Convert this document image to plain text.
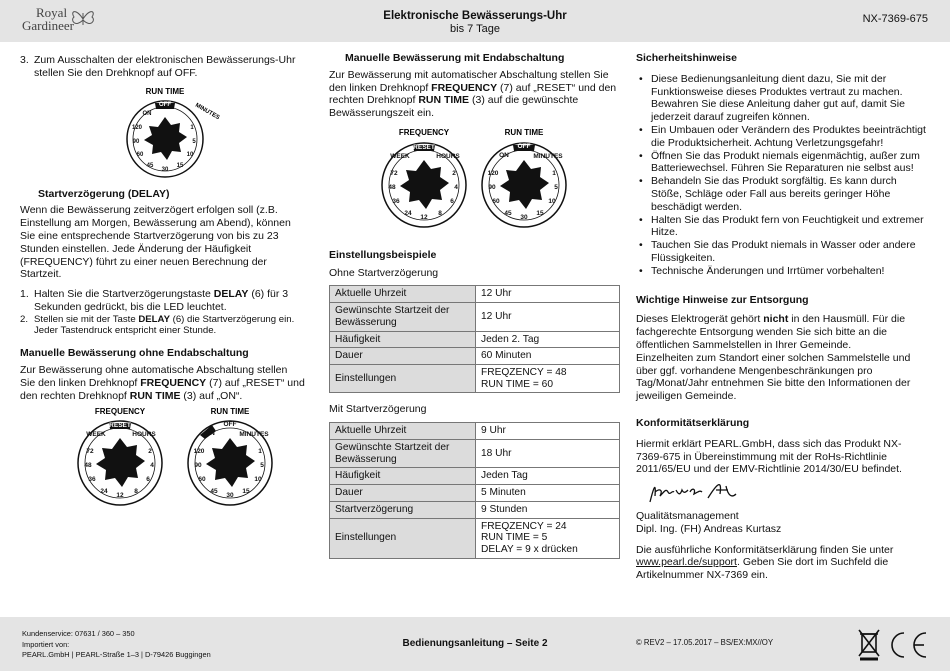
Royal
Gardineer
Elektronische Bewässerungs-Uhr
bis 7 Tage
NX-7369-675
3. Zum Ausschalten der elektronischen Bewässerungs-Uhr stellen Sie den Drehknopf auf OFF.
RUN TIME
ON
OFF
120
90
60
45
30
15
10
5
1
MINUTES
Startverzögerung (DELAY)

Wenn die Bewässerung zeitverzögert erfolgen soll (z.B. Einstellung am Morgen, Bewässerung am Abend), können Sie eine entsprechende Startverzögerung von bis zu 23 Stunden einstellen. Jede Änderung der Häufigkeit (FREQUENCY) führt zu einer neuen Berechnung der Startzeit.

1. Halten Sie die Startverzögerungstaste DELAY (6) für 3 Sekunden gedrückt, bis die LED leuchtet.
2. Stellen sie mit der Taste DELAY (6) die Startverzögerung ein. Jeder Tastendruck entspricht einer Stunde.
Manuelle Bewässerung ohne Endabschaltung

Zur Bewässerung ohne automatische Abschaltung stellen Sie den linken Drehknopf FREQUENCY (7) auf „RESET“ und den rechten Drehknopf RUN TIME (3) auf „ON“.

FREQUENCY	RUN TIME
RESET
WEEK	HOURS
72
48
36
24
12
8
6
4
2
ON
OFF
MINUTES
120
90
60
45
30
15
10
5
1
Manuelle Bewässerung mit Endabschaltung

Zur Bewässerung mit automatischer Abschaltung stellen Sie den linken Drehknopf FREQUENCY (7) auf „RESET“ und den rechten Drehknopf RUN TIME (3) auf die gewünschte Bewässerungszeit ein.

FREQUENCY	RUN TIME
RESET
WEEK	HOURS
72
48
36
24
12
8
6
4
2
ON
OFF
MINUTES
120
90
60
45
30
15
10
5
1
Einstellungsbeispiele

Ohne Startverzögerung

Aktuelle Uhrzeit	12 Uhr
Gewünschte Startzeit der Bewässerung	12 Uhr
Häufigkeit	Jeden 2. Tag
Dauer	60 Minuten
Einstellungen	FREQZENCY = 48
RUN TIME = 60

Mit Startverzögerung

Aktuelle Uhrzeit	9 Uhr
Gewünschte Startzeit der Bewässerung	18 Uhr
Häufigkeit	Jeden Tag
Dauer	5 Minuten
Startverzögerung	9 Stunden
Einstellungen	FREQZENCY = 24
RUN TIME = 5
DELAY = 9 x drücken
Sicherheitshinweise
• Diese Bedienungsanleitung dient dazu, Sie mit der Funktionsweise dieses Produktes vertraut zu machen. Bewahren Sie diese Anleitung daher gut auf, damit Sie jederzeit darauf zugreifen können.
• Ein Umbauen oder Verändern des Produktes beeinträchtigt die Produktsicherheit. Achtung Verletzungsgefahr!
• Öffnen Sie das Produkt niemals eigenmächtig, außer zum Batteriewechsel. Führen Sie Reparaturen nie selbst aus!
• Behandeln Sie das Produkt sorgfältig. Es kann durch Stöße, Schläge oder Fall aus bereits geringer Höhe beschädigt werden.
• Halten Sie das Produkt fern von Feuchtigkeit und extremer Hitze.
• Tauchen Sie das Produkt niemals in Wasser oder andere Flüssigkeiten.
• Technische Änderungen und Irrtümer vorbehalten!
Wichtige Hinweise zur Entsorgung

Dieses Elektrogerät gehört nicht in den Hausmüll. Für die fachgerechte Entsorgung wenden Sie sich bitte an die öffentlichen Sammelstellen in Ihrer Gemeinde.

Einzelheiten zum Standort einer solchen Sammelstelle und über ggf. vorhandene Mengenbeschränkungen pro Tag/Monat/Jahr entnehmen Sie bitte den Informationen der jeweiligen Gemeinde.

Konformitätserklärung

Hiermit erklärt PEARL.GmbH, dass sich das Produkt NX-7369-675 in Übereinstimmung mit der RoHs-Richtlinie 2011/65/EU und der EMV-Richtlinie 2014/30/EU befindet.

Qualitätsmanagement

Dipl. Ing. (FH) Andreas Kurtasz

Die ausführliche Konformitätserklärung finden Sie unter www.pearl.de/support. Geben Sie dort im Suchfeld die Artikelnummer NX-7369 ein.

Kundenservice: 07631 / 360 – 350
Importiert von:
PEARL.GmbH | PEARL-Straße 1–3 | D-79426 Buggingen
Bedienungsanleitung – Seite 2	© REV2 – 17.05.2017 – BS/EX:MX//OY
